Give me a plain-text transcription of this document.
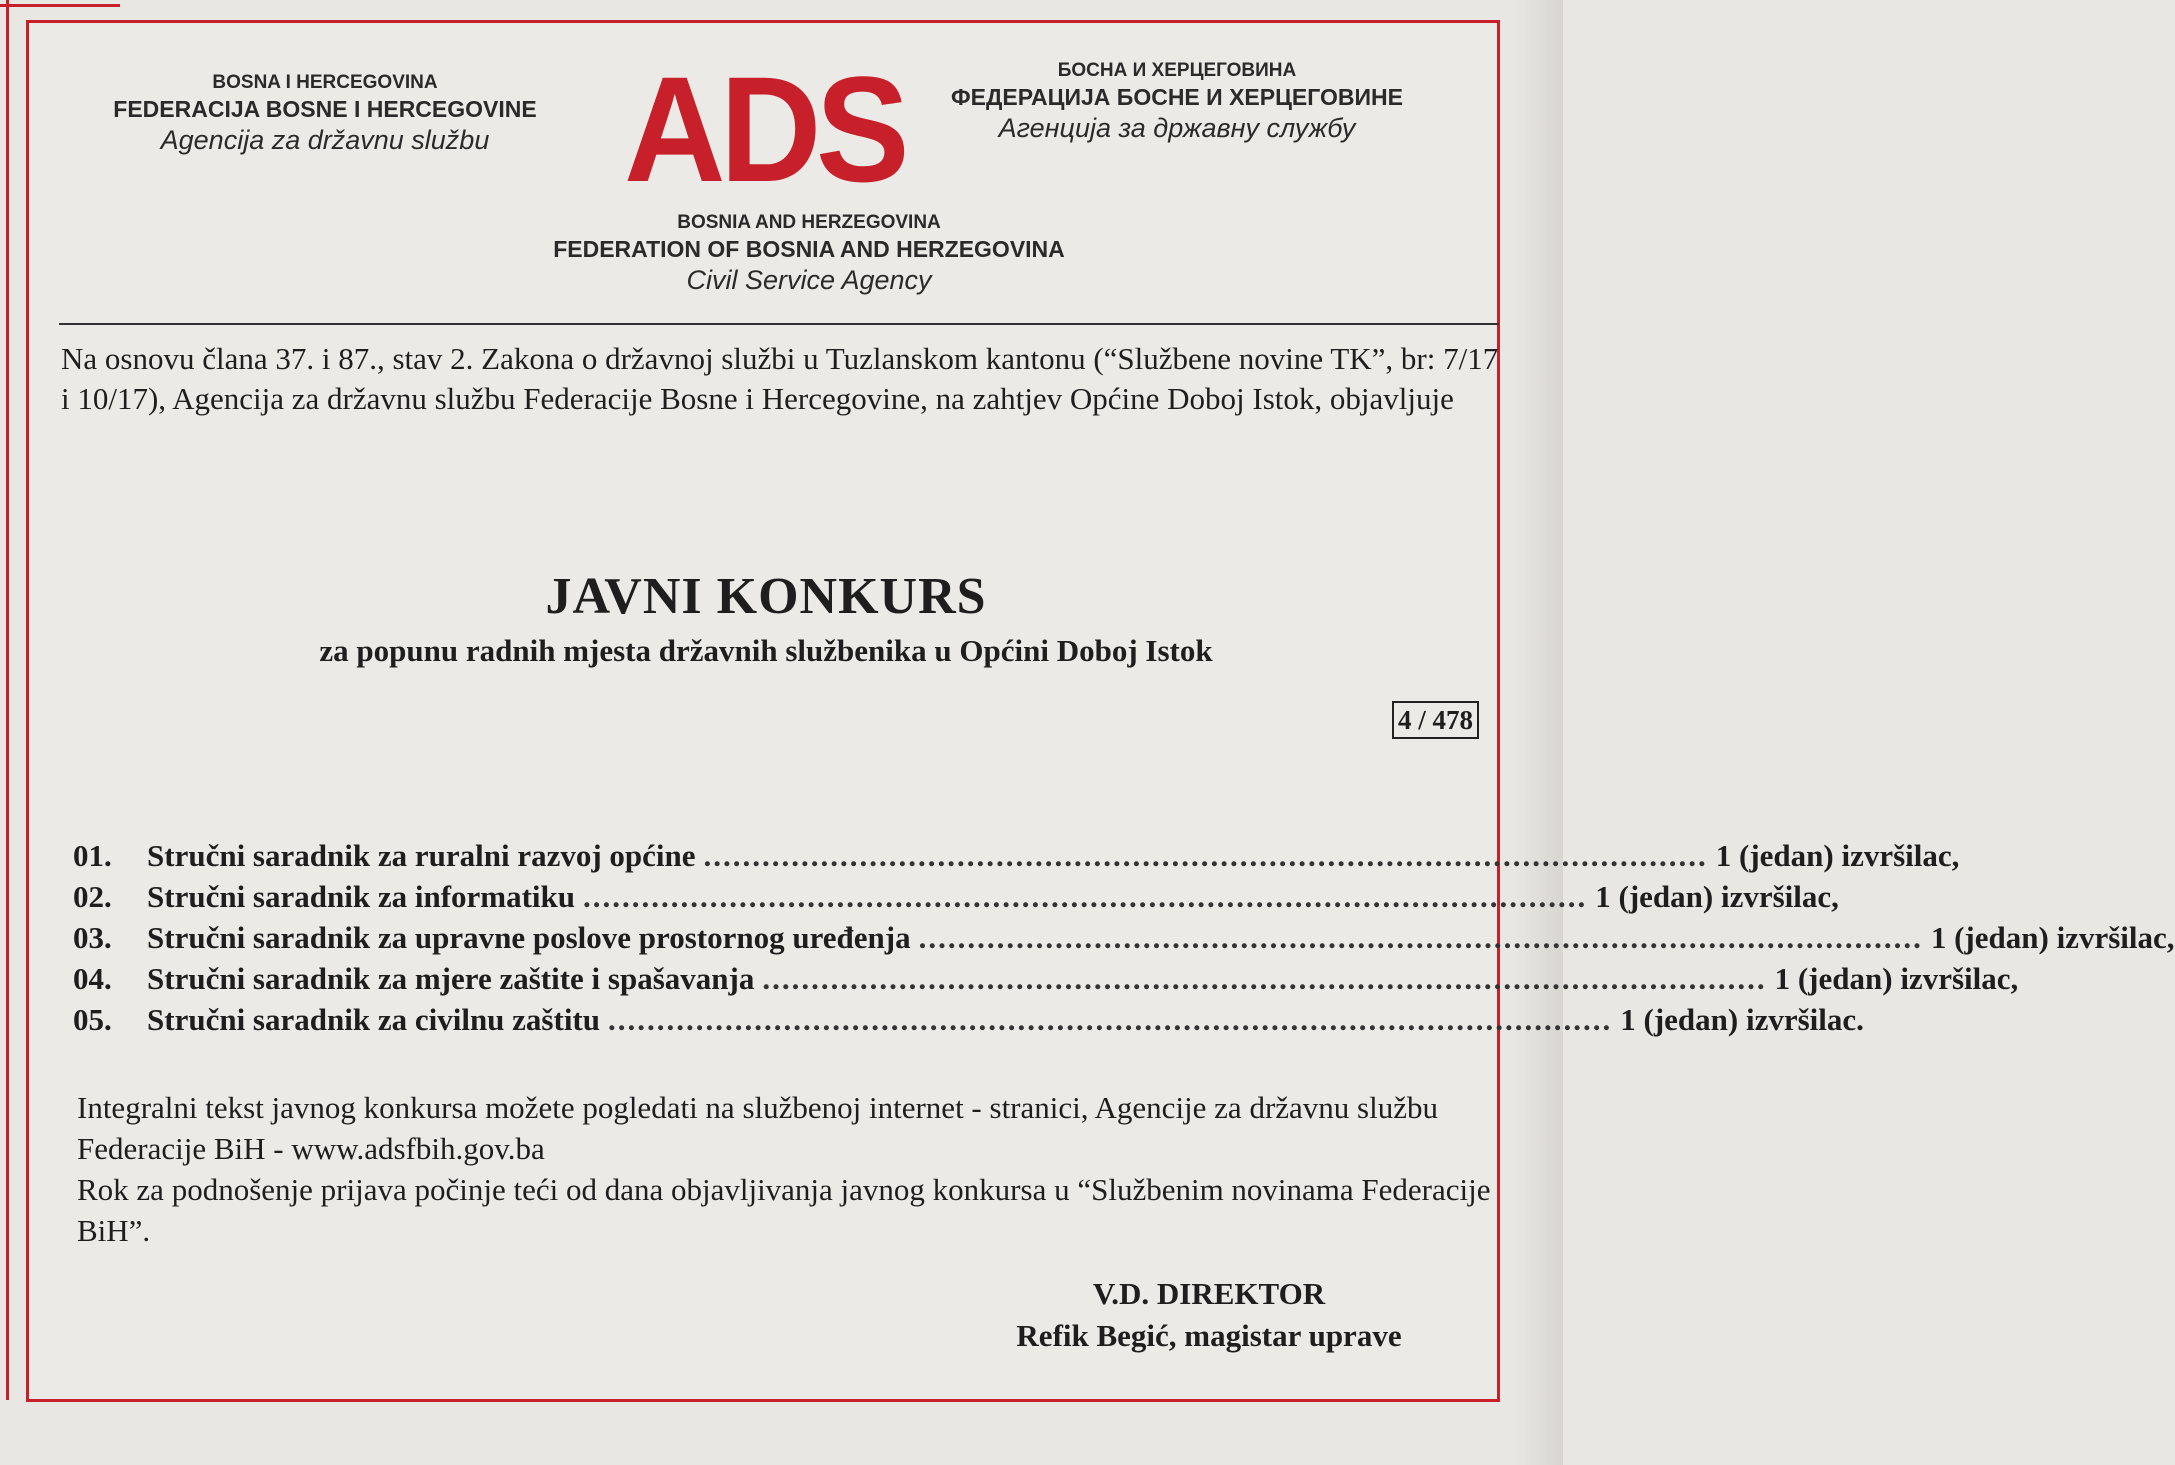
BOSNA I HERCEGOVINA
FEDERACIJA BOSNE I HERCEGOVINE
Agencija za državnu službu ADS	БОСНА И ХЕРЦЕГОВИНА
ФЕДЕРАЦИЈА БОСНЕ И ХЕРЦЕГОВИНЕ
Агенција за државну службу
BOSNIA AND HERZEGOVINA
FEDERATION OF BOSNIA AND HERZEGOVINA
Civil Service Agency
Na osnovu člana 37. i 87., stav 2. Zakona o državnoj službi u Tuzlanskom kantonu (“Službene novine TK”, br: 7/17 i 10/17), Agencija za državnu službu Federacije Bosne i Hercegovine, na zahtjev Općine Doboj Istok, objavljuje
JAVNI KONKURS
za popunu radnih mjesta državnih službenika u Općini Doboj Istok
4 / 478
01.	Stručni saradnik za ruralni razvoj općine ....................................................................................................... 1 (jedan) izvršilac,
02.	Stručni saradnik za informatiku ....................................................................................................... 1 (jedan) izvršilac,
03.	Stručni saradnik za upravne poslove prostornog uređenja ....................................................................................................... 1 (jedan) izvršilac,
04.	Stručni saradnik za mjere zaštite i spašavanja ....................................................................................................... 1 (jedan) izvršilac,
05.	Stručni saradnik za civilnu zaštitu ....................................................................................................... 1 (jedan) izvršilac.
Integralni tekst javnog konkursa možete pogledati na službenoj internet - stranici, Agencije za državnu službu Federacije BiH - www.adsfbih.gov.ba
Rok za podnošenje prijava počinje teći od dana objavljivanja javnog konkursa u “Službenim novinama Federacije BiH”.
V.D. DIREKTOR
Refik Begić, magistar uprave
